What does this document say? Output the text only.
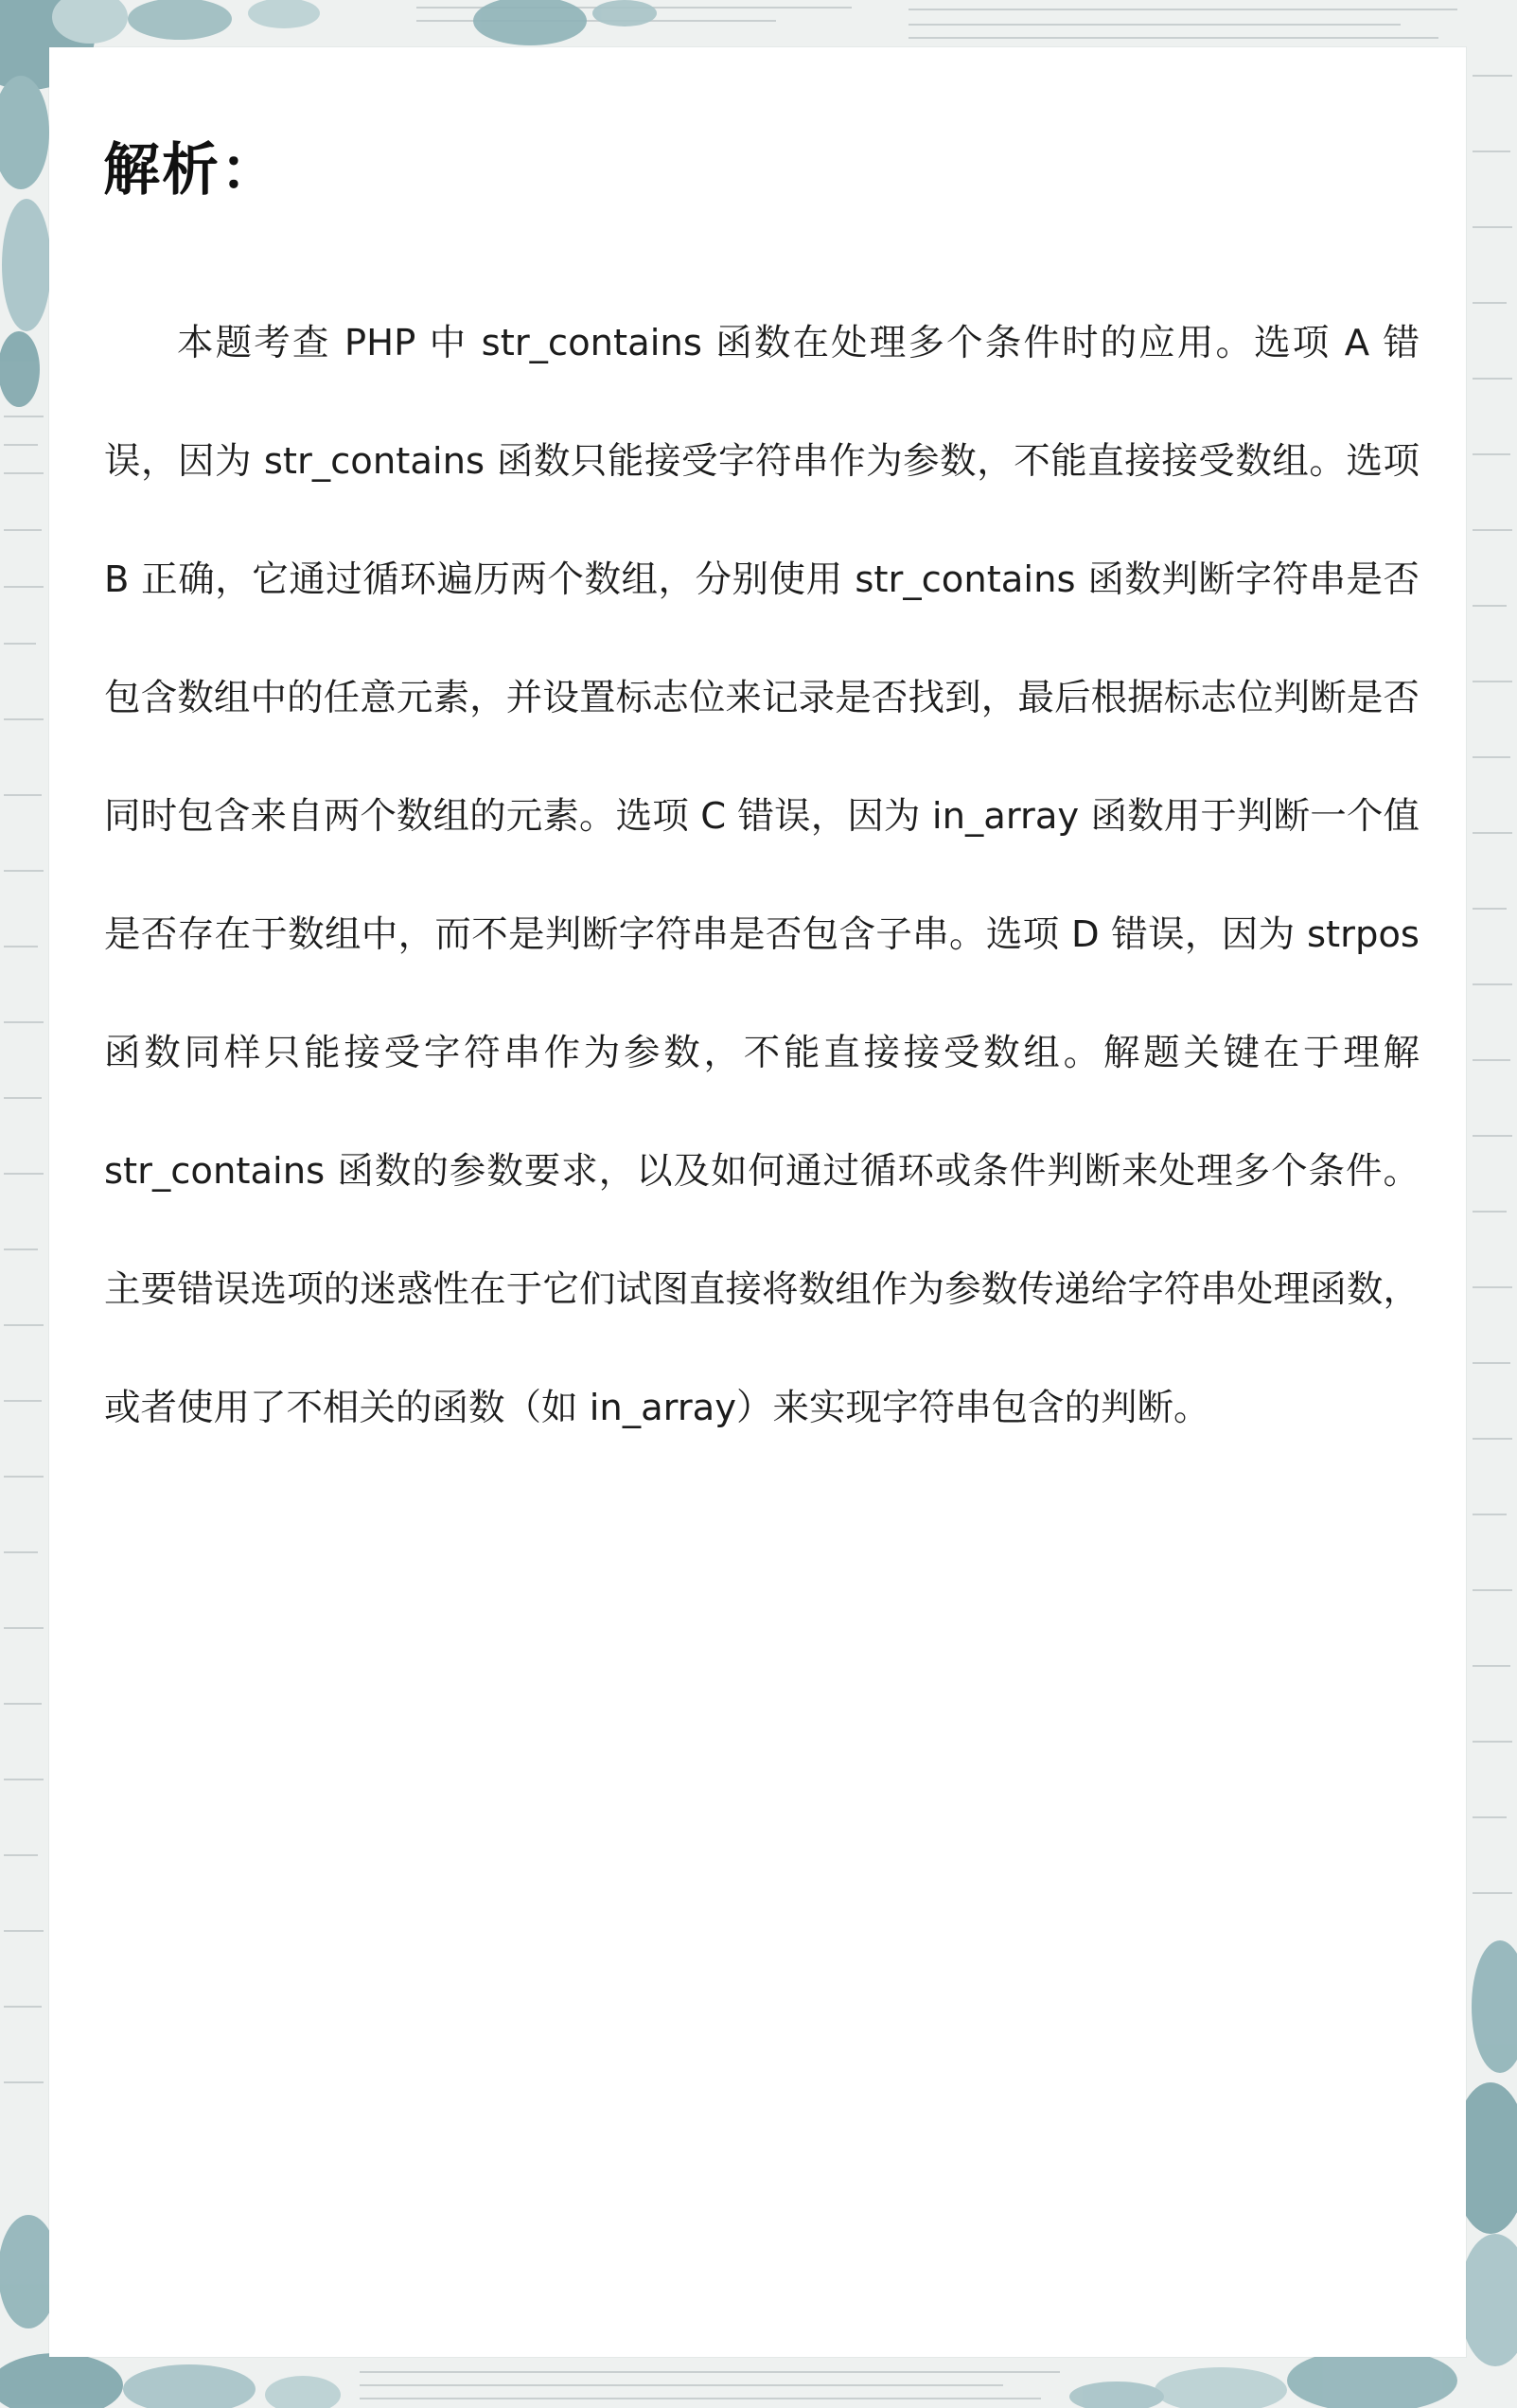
解析：

本题考查 PHP 中 str_contains 函数在处理多个条件时的应用。选项 A 错误，因为 str_contains 函数只能接受字符串作为参数，不能直接接受数组。选项 B 正确，它通过循环遍历两个数组，分别使用 str_contains 函数判断字符串是否包含数组中的任意元素，并设置标志位来记录是否找到，最后根据标志位判断是否同时包含来自两个数组的元素。选项 C 错误，因为 in_array 函数用于判断一个值是否存在于数组中，而不是判断字符串是否包含子串。选项 D 错误，因为 strpos 函数同样只能接受字符串作为参数，不能直接接受数组。解题关键在于理解 str_contains 函数的参数要求，以及如何通过循环或条件判断来处理多个条件。主要错误选项的迷惑性在于它们试图直接将数组作为参数传递给字符串处理函数，或者使用了不相关的函数（如 in_array）来实现字符串包含的判断。
